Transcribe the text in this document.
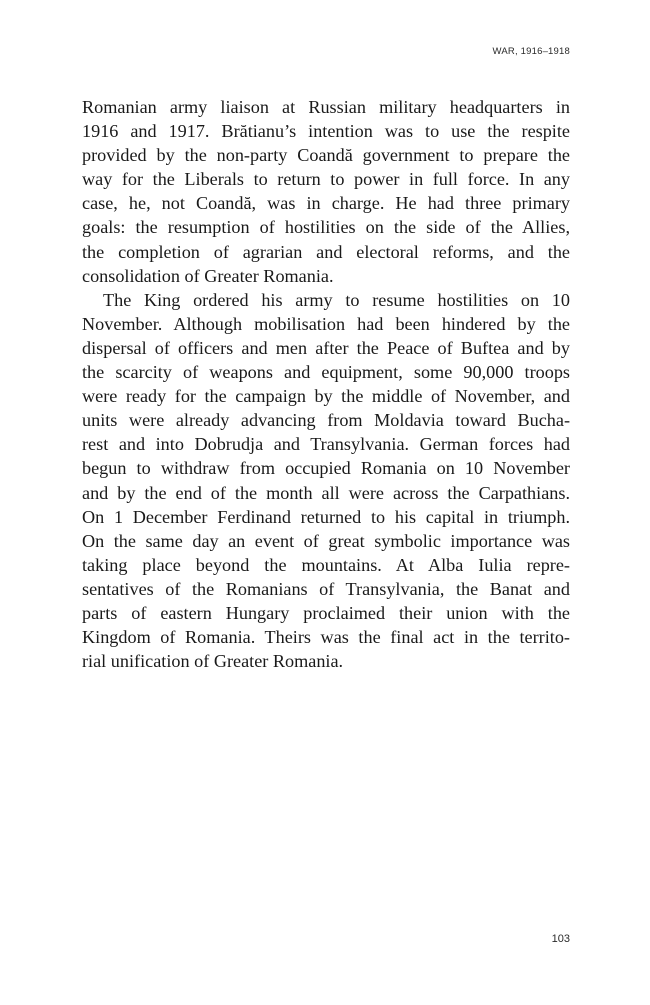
WAR, 1916–1918

Romanian army liaison at Russian military headquarters in
1916 and 1917. Brătianu’s intention was to use the respite
provided by the non-party Coandă government to prepare the
way for the Liberals to return to power in full force. In any
case, he, not Coandă, was in charge. He had three primary
goals: the resumption of hostilities on the side of the Allies,
the completion of agrarian and electoral reforms, and the
consolidation of Greater Romania.

The King ordered his army to resume hostilities on 10
November. Although mobilisation had been hindered by the
dispersal of officers and men after the Peace of Buftea and by
the scarcity of weapons and equipment, some 90,000 troops
were ready for the campaign by the middle of November, and
units were already advancing from Moldavia toward Bucha-
rest and into Dobrudja and Transylvania. German forces had
begun to withdraw from occupied Romania on 10 November
and by the end of the month all were across the Carpathians.
On 1 December Ferdinand returned to his capital in triumph.
On the same day an event of great symbolic importance was
taking place beyond the mountains. At Alba Iulia repre-
sentatives of the Romanians of Transylvania, the Banat and
parts of eastern Hungary proclaimed their union with the
Kingdom of Romania. Theirs was the final act in the territo-
rial unification of Greater Romania.

103
